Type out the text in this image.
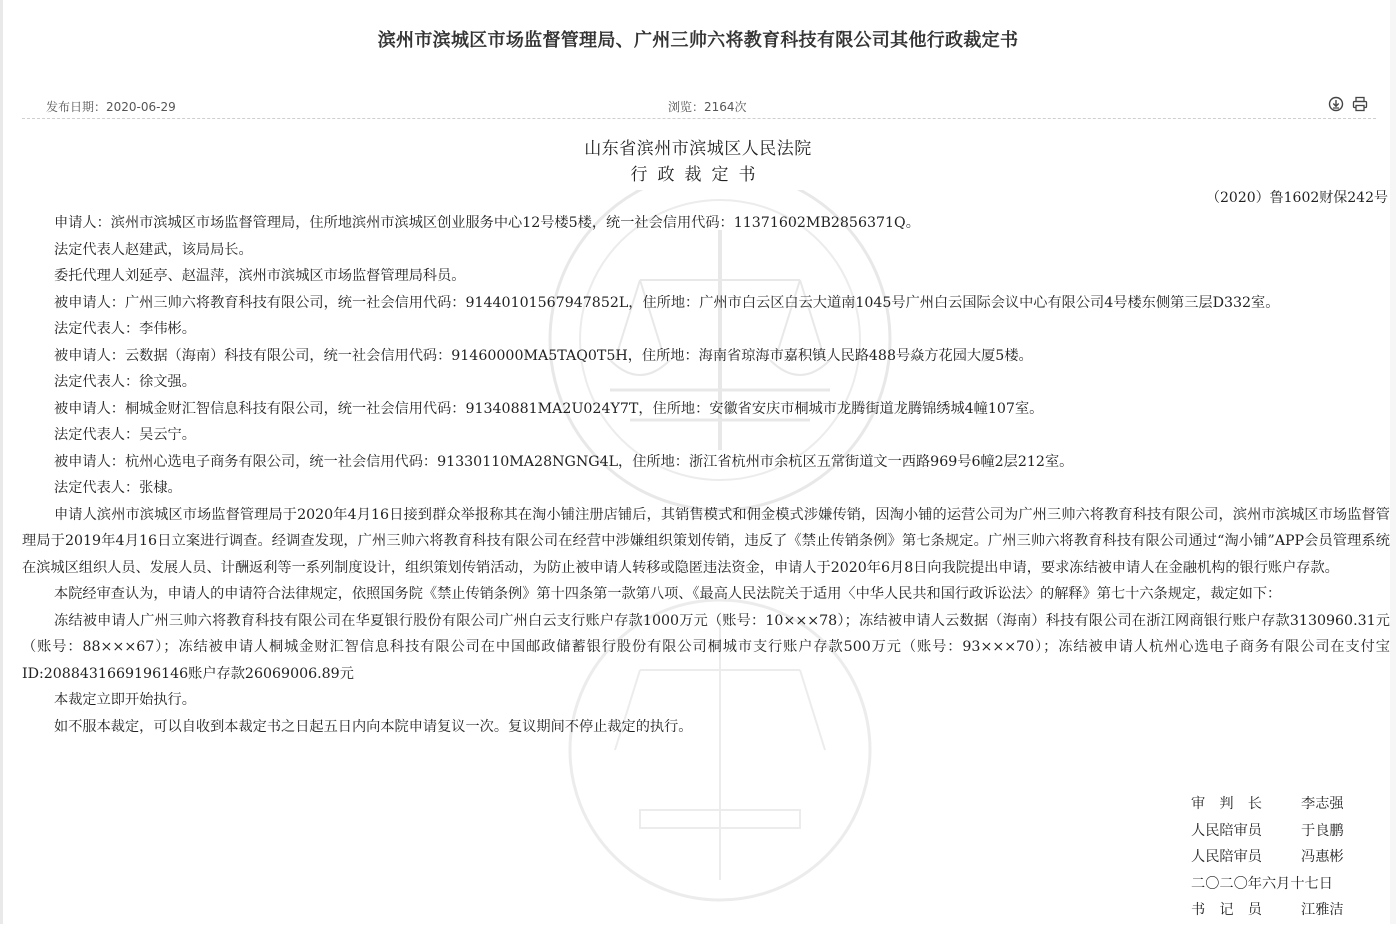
滨州市滨城区市场监督管理局、广州三帅六将教育科技有限公司其他行政裁定书
发布日期：2020-06-29	浏览：2164次
山东省滨州市滨城区人民法院
行政裁定书
（2020）鲁1602财保242号

申请人：滨州市滨城区市场监督管理局，住所地滨州市滨城区创业服务中心12号楼5楼，统一社会信用代码：11371602MB2856371Q。

法定代表人赵建武，该局局长。

委托代理人刘延亭、赵温萍，滨州市滨城区市场监督管理局科员。

被申请人：广州三帅六将教育科技有限公司，统一社会信用代码：91440101567947852L，住所地：广州市白云区白云大道南1045号广州白云国际会议中心有限公司4号楼东侧第三层D332室。

法定代表人：李伟彬。

被申请人：云数据（海南）科技有限公司，统一社会信用代码：91460000MA5TAQ0T5H，住所地：海南省琼海市嘉积镇人民路488号焱方花园大厦5楼。

法定代表人：徐文强。

被申请人：桐城金财汇智信息科技有限公司，统一社会信用代码：91340881MA2U024Y7T，住所地：安徽省安庆市桐城市龙腾街道龙腾锦绣城4幢107室。

法定代表人：吴云宁。

被申请人：杭州心选电子商务有限公司，统一社会信用代码：91330110MA28NGNG4L，住所地：浙江省杭州市余杭区五常街道文一西路969号6幢2层212室。

法定代表人：张棣。

申请人滨州市滨城区市场监督管理局于2020年4月16日接到群众举报称其在淘小铺注册店铺后，其销售模式和佣金模式涉嫌传销，因淘小铺的运营公司为广州三帅六将教育科技有限公司，滨州市滨城区市场监督管理局于2019年4月16日立案进行调查。经调查发现，广州三帅六将教育科技有限公司在经营中涉嫌组织策划传销，违反了《禁止传销条例》第七条规定。广州三帅六将教育科技有限公司通过“淘小铺”APP会员管理系统在滨城区组织人员、发展人员、计酬返利等一系列制度设计，组织策划传销活动，为防止被申请人转移或隐匿违法资金，申请人于2020年6月8日向我院提出申请，要求冻结被申请人在金融机构的银行账户存款。

本院经审查认为，申请人的申请符合法律规定，依照国务院《禁止传销条例》第十四条第一款第八项、《最高人民法院关于适用〈中华人民共和国行政诉讼法〉的解释》第七十六条规定，裁定如下：

冻结被申请人广州三帅六将教育科技有限公司在华夏银行股份有限公司广州白云支行账户存款1000万元（账号：10×××78）；冻结被申请人云数据（海南）科技有限公司在浙江网商银行账户存款3130960.31元（账号：88×××67）；冻结被申请人桐城金财汇智信息科技有限公司在中国邮政储蓄银行股份有限公司桐城市支行账户存款500万元（账号：93×××70）；冻结被申请人杭州心选电子商务有限公司在支付宝ID:2088431669196146账户存款26069006.89元

本裁定立即开始执行。

如不服本裁定，可以自收到本裁定书之日起五日内向本院申请复议一次。复议期间不停止裁定的执行。

审　判　长	李志强
人民陪审员	于良鹏
人民陪审员	冯惠彬
二〇二〇年六月十七日
书　记　员	江雅洁
